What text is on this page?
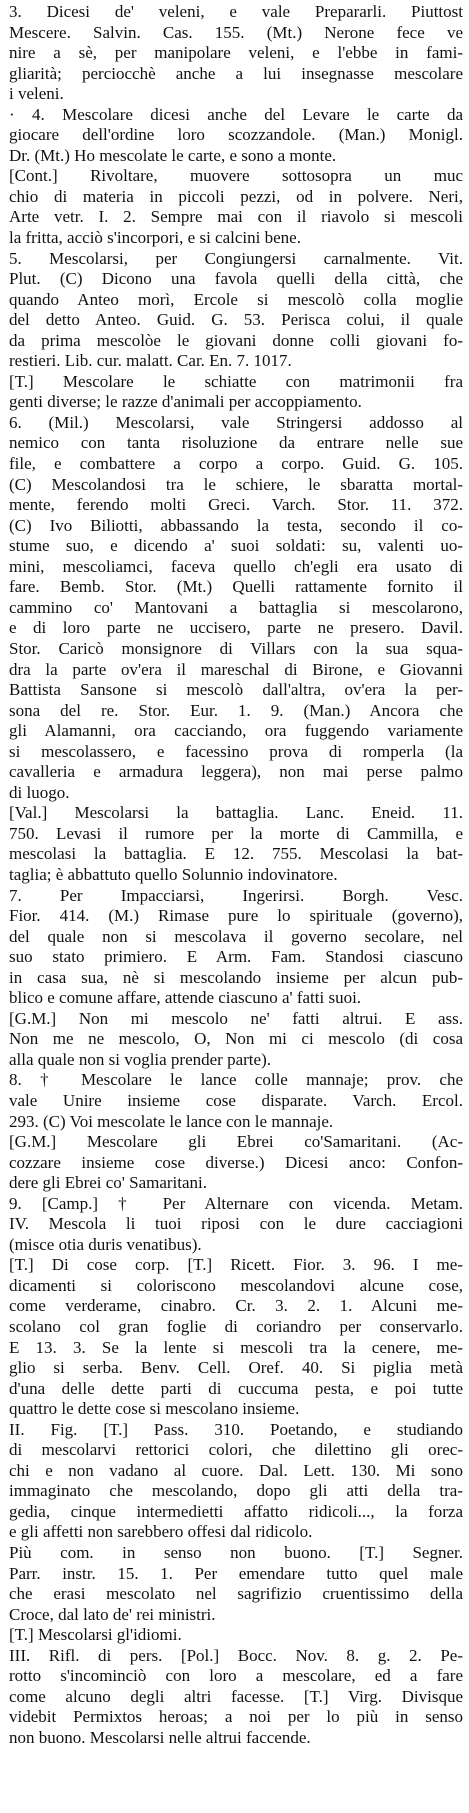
3. Dicesi de' veleni, e vale Prepararli. Piuttost
Mescere. Salvin. Cas. 155. (Mt.) Nerone fece ve
nire a sè, per manipolare veleni, e l'ebbe in fami-
gliarità; perciocchè anche a lui insegnasse mescolare
i veleni.
· 4. Mescolare dicesi anche del Levare le carte da
giocare dell'ordine loro scozzandole. (Man.) Monigl.
Dr. (Mt.) Ho mescolate le carte, e sono a monte.
[Cont.] Rivoltare, muovere sottosopra un muc
chio di materia in piccoli pezzi, od in polvere. Neri,
Arte vetr. I. 2. Sempre mai con il riavolo si mescoli
la fritta, acciò s'incorpori, e si calcini bene.
5. Mescolarsi, per Congiungersi carnalmente. Vit.
Plut. (C) Dicono una favola quelli della città, che
quando Anteo morì, Ercole si mescolò colla moglie
del detto Anteo. Guid. G. 53. Perisca colui, il quale
da prima mescolòe le giovani donne colli giovani fo-
restieri. Lib. cur. malatt. Car. En. 7. 1017.
[T.] Mescolare le schiatte con matrimonii fra
genti diverse; le razze d'animali per accoppiamento.
6. (Mil.) Mescolarsi, vale Stringersi addosso al
nemico con tanta risoluzione da entrare nelle sue
file, e combattere a corpo a corpo. Guid. G. 105.
(C) Mescolandosi tra le schiere, le sbaratta mortal-
mente, ferendo molti Greci. Varch. Stor. 11. 372.
(C) Ivo Biliotti, abbassando la testa, secondo il co-
stume suo, e dicendo a' suoi soldati: su, valenti uo-
mini, mescoliamci, faceva quello ch'egli era usato di
fare. Bemb. Stor. (Mt.) Quelli rattamente fornito il
cammino co' Mantovani a battaglia si mescolarono,
e di loro parte ne uccisero, parte ne presero. Davil.
Stor. Caricò monsignore di Villars con la sua squa-
dra la parte ov'era il mareschal di Birone, e Giovanni
Battista Sansone si mescolò dall'altra, ov'era la per-
sona del re. Stor. Eur. 1. 9. (Man.) Ancora che
gli Alamanni, ora cacciando, ora fuggendo variamente
si mescolassero, e facessino prova di romperla (la
cavalleria e armadura leggera), non mai perse palmo
di luogo.
[Val.] Mescolarsi la battaglia. Lanc. Eneid. 11.
750. Levasi il rumore per la morte di Cammilla, e
mescolasi la battaglia. E 12. 755. Mescolasi la bat-
taglia; è abbattuto quello Solunnio indovinatore.
7. Per Impacciarsi, Ingerirsi. Borgh. Vesc.
Fior. 414. (M.) Rimase pure lo spirituale (governo),
del quale non si mescolava il governo secolare, nel
suo stato primiero. E Arm. Fam. Standosi ciascuno
in casa sua, nè si mescolando insieme per alcun pub-
blico e comune affare, attende ciascuno a' fatti suoi.
[G.M.] Non mi mescolo ne' fatti altrui. E ass.
Non me ne mescolo, O, Non mi ci mescolo (di cosa
alla quale non si voglia prender parte).
8. † Mescolare le lance colle mannaje; prov. che
vale Unire insieme cose disparate. Varch. Ercol.
293. (C) Voi mescolate le lance con le mannaje.
[G.M.] Mescolare gli Ebrei co'Samaritani. (Ac-
cozzare insieme cose diverse.) Dicesi anco: Confon-
dere gli Ebrei co' Samaritani.
9. [Camp.] † Per Alternare con vicenda. Metam.
IV. Mescola li tuoi riposi con le dure cacciagioni
(misce otia duris venatibus).
[T.] Di cose corp. [T.] Ricett. Fior. 3. 96. I me-
dicamenti si coloriscono mescolandovi alcune cose,
come verderame, cinabro. Cr. 3. 2. 1. Alcuni me-
scolano col gran foglie di coriandro per conservarlo.
E 13. 3. Se la lente si mescoli tra la cenere, me-
glio si serba. Benv. Cell. Oref. 40. Si piglia metà
d'una delle dette parti di cuccuma pesta, e poi tutte
quattro le dette cose si mescolano insieme.
II. Fig. [T.] Pass. 310. Poetando, e studiando
di mescolarvi rettorici colori, che dilettino gli orec-
chi e non vadano al cuore. Dal. Lett. 130. Mi sono
immaginato che mescolando, dopo gli atti della tra-
gedia, cinque intermedietti affatto ridicoli..., la forza
e gli affetti non sarebbero offesi dal ridicolo.
Più com. in senso non buono. [T.] Segner.
Parr. instr. 15. 1. Per emendare tutto quel male
che erasi mescolato nel sagrifizio cruentissimo della
Croce, dal lato de' rei ministri.
[T.] Mescolarsi gl'idiomi.
III. Rifl. di pers. [Pol.] Bocc. Nov. 8. g. 2. Pe-
rotto s'incominciò con loro a mescolare, ed a fare
come alcuno degli altri facesse. [T.] Virg. Divisque
videbit Permixtos heroas; a noi per lo più in senso
non buono. Mescolarsi nelle altrui faccende.
